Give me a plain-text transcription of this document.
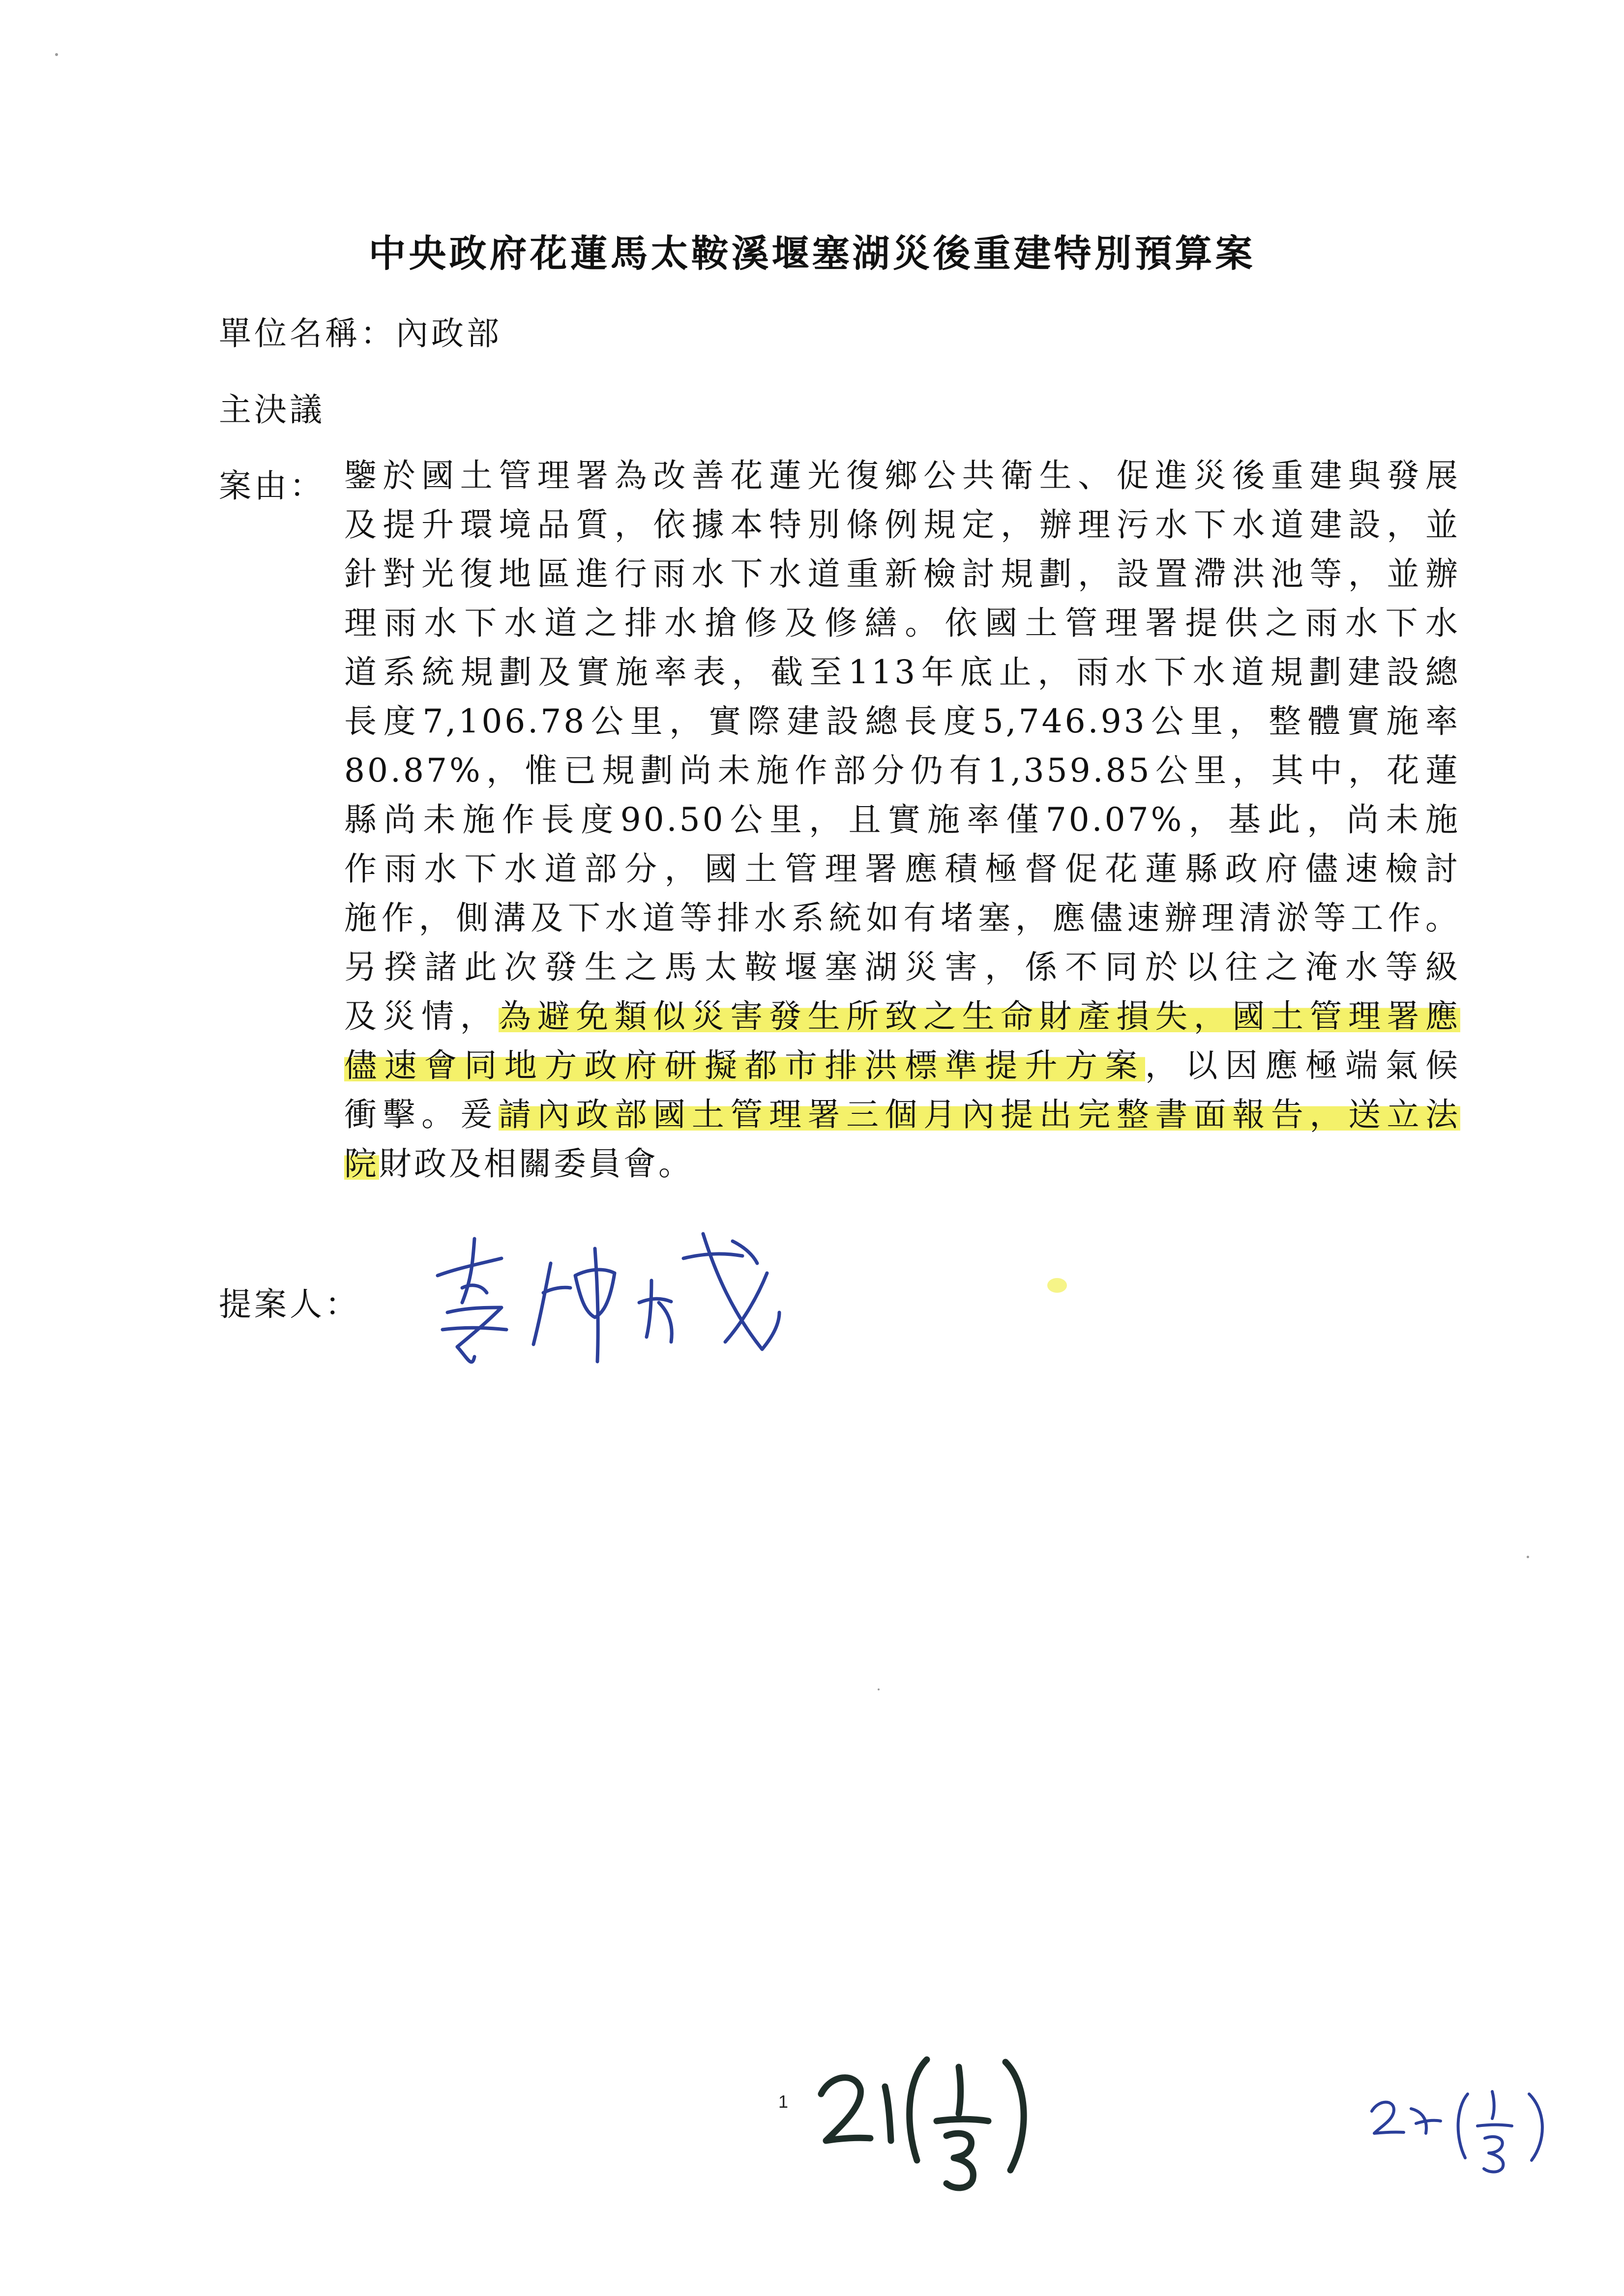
中央政府花蓮馬太鞍溪堰塞湖災後重建特別預算案
單位名稱：內政部
主決議
案由： 鑒於國土管理署為改善花蓮光復鄉公共衛生、促進災後重建與發展
及提升環境品質，依據本特別條例規定，辦理污水下水道建設，並
針對光復地區進行雨水下水道重新檢討規劃，設置滯洪池等，並辦
理雨水下水道之排水搶修及修繕。依國土管理署提供之雨水下水
道系統規劃及實施率表，截至113年底止，雨水下水道規劃建設總
長度7,106.78公里，實際建設總長度5,746.93公里，整體實施率
80.87%，惟已規劃尚未施作部分仍有1,359.85公里，其中，花蓮
縣尚未施作長度90.50公里，且實施率僅70.07%，基此，尚未施
作雨水下水道部分，國土管理署應積極督促花蓮縣政府儘速檢討
施作，側溝及下水道等排水系統如有堵塞，應儘速辦理清淤等工作。
另揆諸此次發生之馬太鞍堰塞湖災害，係不同於以往之淹水等級
及災情，為避免類似災害發生所致之生命財產損失，國土管理署應
儘速會同地方政府研擬都市排洪標準提升方案，以因應極端氣候
衝擊。爰請內政部國土管理署三個月內提出完整書面報告，送立法
院財政及相關委員會。
提案人：
1
